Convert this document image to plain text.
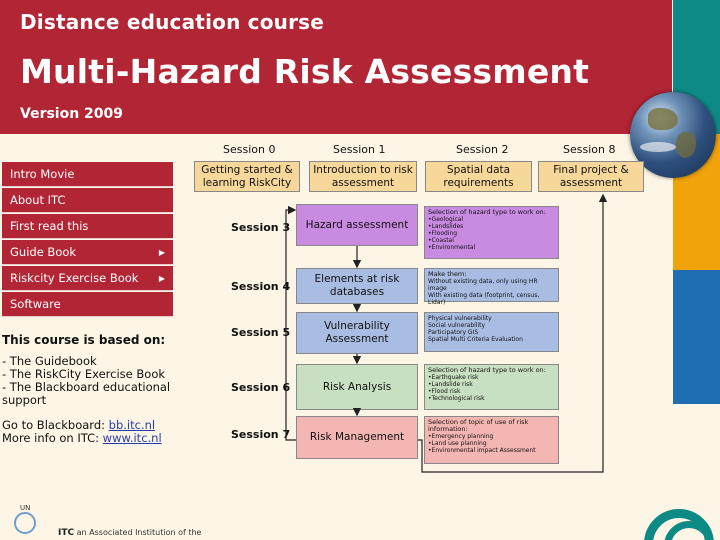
Distance education course
Multi-Hazard Risk Assessment
Version 2009
Intro Movie
About ITC
First read this
Guide Book	▶
Riskcity Exercise Book	▶
Software
This course is based on:
- The Guidebook
- The RiskCity Exercise Book
- The Blackboard educational support
Go to Blackboard: bb.itc.nl
More info on ITC: www.itc.nl
Session 0	Session 1	Session 2	Session 8
Getting started & learning RiskCity
Introduction to risk assessment
Spatial data requirements
Final project & assessment
Session 3
Session 4
Session 5
Session 6
Session 7
Hazard assessment
Elements at risk databases
Vulnerability Assessment
Risk Analysis
Risk Management
Selection of hazard type to work on:
•Geological
•Landslides
•Flooding
•Coastal
•Environmental
Make them:
Without existing data, only using HR image
With existing data (footprint, census, Lidar)
Physical vulnerability
Social vulnerability
Participatory GIS
Spatial Multi Criteria Evaluation
Selection of hazard type to work on:
•Earthquake risk
•Landslide risk
•Flood risk
•Technological risk
Selection of topic of use of risk information:
•Emergency planning
•Land use planning
•Environmental impact Assessment
UN
ITC an Associated Institution of the
